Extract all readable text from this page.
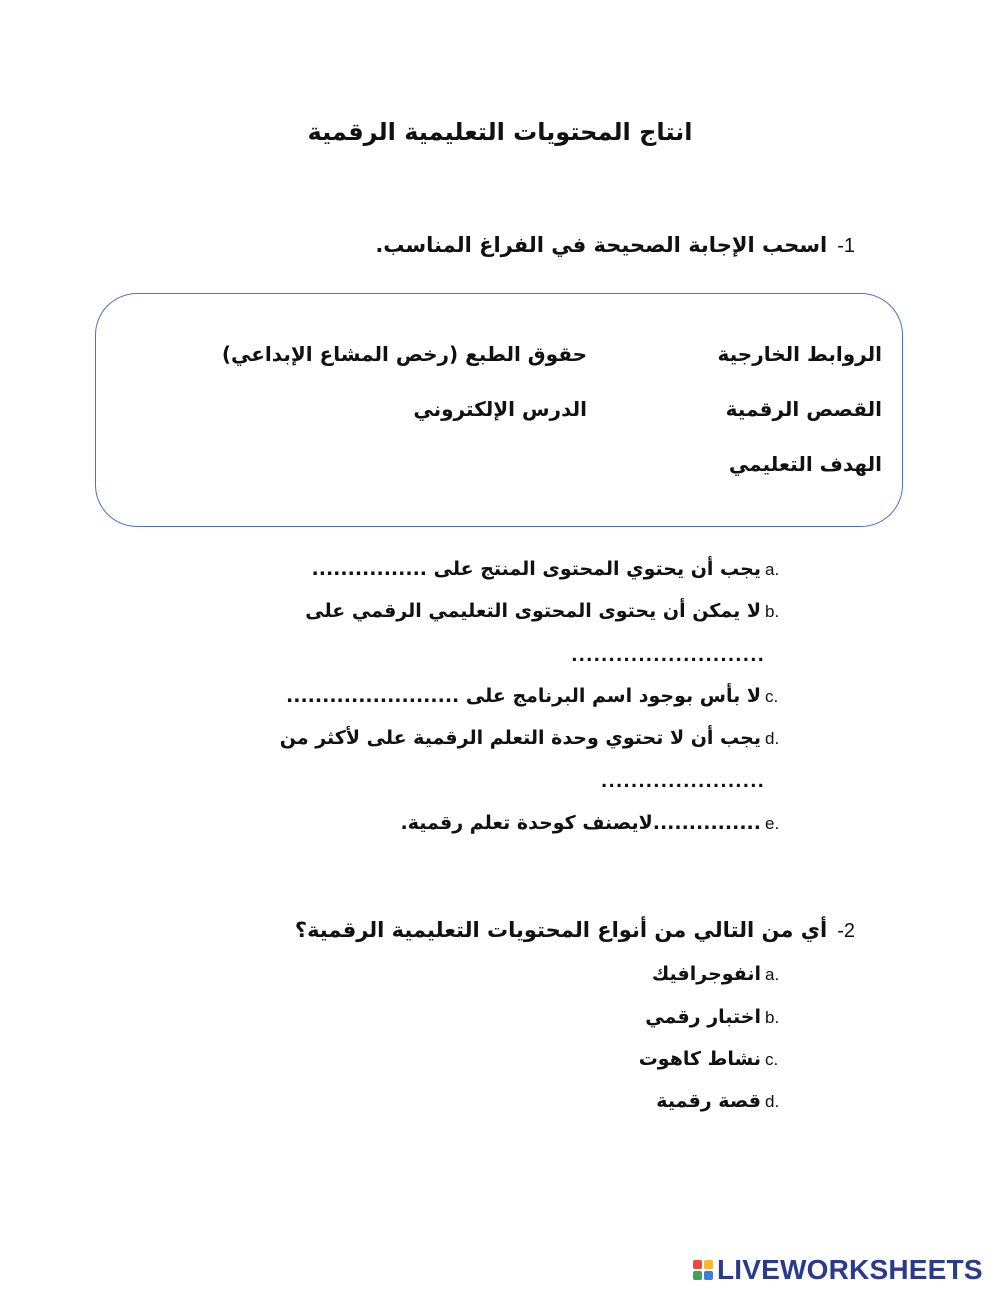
انتاج المحتويات التعليمية الرقمية
-1
اسحب الإجابة الصحيحة في الفراغ المناسب.
الروابط الخارجية
حقوق الطبع (رخص المشاع الإبداعي)
القصص الرقمية
الدرس الإلكتروني
الهدف التعليمي
a.
يجب أن يحتوي المحتوى المنتج على ................
b.
لا يمكن أن يحتوى المحتوى التعليمي الرقمي على
..........................
c.
لا بأس بوجود اسم البرنامج على ........................
d.
يجب أن لا تحتوي وحدة التعلم الرقمية على لأكثر من
......................
e.
...............لايصنف كوحدة تعلم رقمية.
-2
أي من التالي من أنواع المحتويات التعليمية الرقمية؟
a.
انفوجرافيك
b.
اختبار رقمي
c.
نشاط كاهوت
d.
قصة رقمية
LIVEWORKSHEETS
